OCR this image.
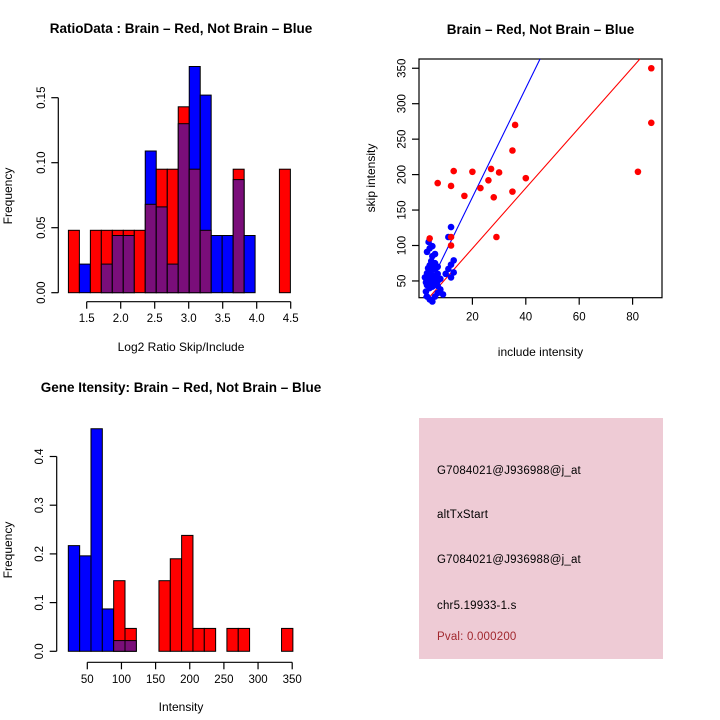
RatioData : Brain – Red, Not Brain – Blue
Log2 Ratio Skip/Include
Frequency
1.5 2.0 2.5 3.0 3.5 4.0 4.5
0.00
0.05
0.10
0.15
Brain – Red, Not Brain – Blue
include intensity
skip intensity
20	40	60	80
50
100
150
200
250
300
350
Gene Itensity: Brain – Red, Not Brain – Blue
Intensity
Frequency
50 100 150 200 250 300 350
0.0
0.1
0.2
0.3
0.4
G7084021@J936988@j_at
altTxStart
G7084021@J936988@j_at
chr5.19933-1.s
Pval: 0.000200
